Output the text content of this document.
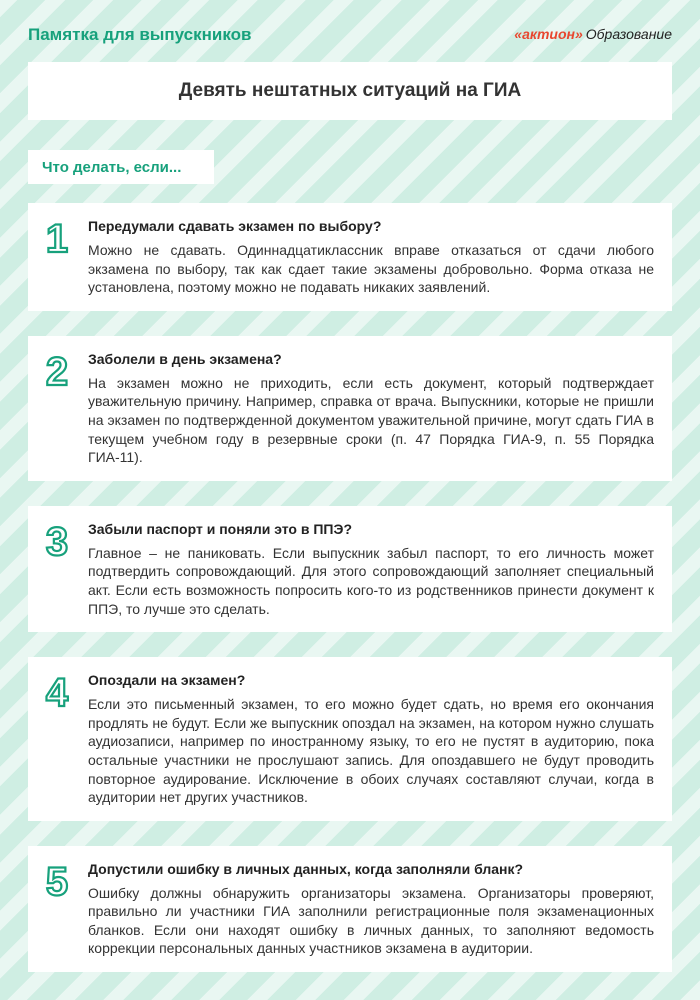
Памятка для выпускников	«актион» Образование
Девять нештатных ситуаций на ГИА
Что делать, если...
1	Передумали сдавать экзамен по выбору?

Можно не сдавать. Одиннадцатиклассник вправе отказаться от сдачи любого экзамена по выбору, так как сдает такие экзамены добровольно. Форма отказа не установлена, поэтому можно не подавать никаких заявлений.

2	Заболели в день экзамена?

На экзамен можно не приходить, если есть документ, который подтверждает уважительную причину. Например, справка от врача. Выпускники, которые не пришли на экзамен по подтвержденной документом уважительной причине, могут сдать ГИА в текущем учебном году в резервные сроки (п. 47 Порядка ГИА-9, п. 55 Порядка ГИА-11).

3	Забыли паспорт и поняли это в ППЭ?

Главное – не паниковать. Если выпускник забыл паспорт, то его личность может подтвердить сопровождающий. Для этого сопровождающий заполняет специальный акт. Если есть возможность попросить кого-то из родственников принести документ к ППЭ, то лучше это сделать.

4	Опоздали на экзамен?

Если это письменный экзамен, то его можно будет сдать, но время его окончания продлять не будут. Если же выпускник опоздал на экзамен, на котором нужно слушать аудиозаписи, например по иностранному языку, то его не пустят в аудиторию, пока остальные участники не прослушают запись. Для опоздавшего не будут проводить повторное аудирование. Исключение в обоих случаях составляют случаи, когда в аудитории нет других участников.

5	Допустили ошибку в личных данных, когда заполняли бланк?

Ошибку должны обнаружить организаторы экзамена. Организаторы проверяют, правильно ли участники ГИА заполнили регистрационные поля экзаменационных бланков. Если они находят ошибку в личных данных, то заполняют ведомость коррекции персональных данных участников экзамена в аудитории.
